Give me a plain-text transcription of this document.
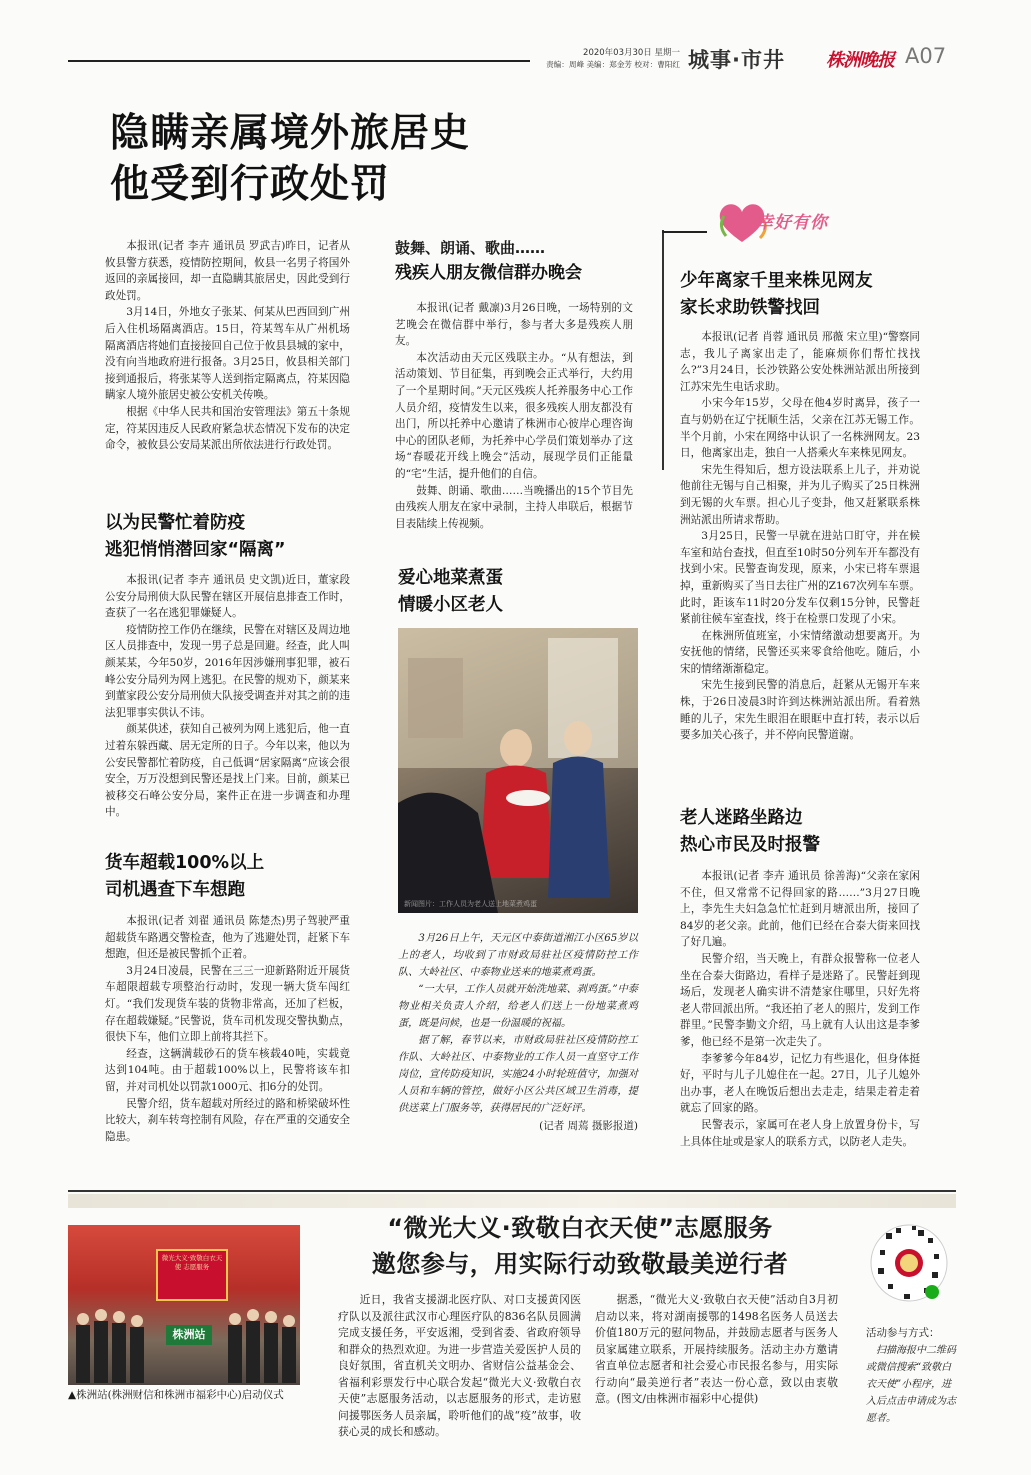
2020年03月30日 星期一
责编：周峰 美编：郑金芳 校对：曹阳红 城事·市井 株洲晚报 A07
隐瞒亲属境外旅居史
他受到行政处罚

本报讯(记者 李卉 通讯员 罗武吉)昨日，记者从攸县警方获悉，疫情防控期间，攸县一名男子将国外返回的亲属接回，却一直隐瞒其旅居史，因此受到行政处罚。

3月14日，外地女子张某、何某从巴西回到广州后入住机场隔离酒店。15日，符某驾车从广州机场隔离酒店将她们直接接回自己位于攸县县城的家中，没有向当地政府进行报备。3月25日，攸县相关部门接到通报后，将张某等人送到指定隔离点，符某因隐瞒家人境外旅居史被公安机关传唤。

根据《中华人民共和国治安管理法》第五十条规定，符某因违反人民政府紧急状态情况下发布的决定命令，被攸县公安局某派出所依法进行行政处罚。

以为民警忙着防疫
逃犯悄悄潜回家“隔离”

本报讯(记者 李卉 通讯员 史文凯)近日，董家段公安分局刑侦大队民警在辖区开展信息排查工作时，查获了一名在逃犯罪嫌疑人。

疫情防控工作仍在继续，民警在对辖区及周边地区人员排查中，发现一男子总是回避。经查，此人叫颜某某，今年50岁，2016年因涉嫌刑事犯罪，被石峰公安分局列为网上逃犯。在民警的规劝下，颜某来到董家段公安分局刑侦大队接受调查并对其之前的违法犯罪事实供认不讳。

颜某供述，获知自己被列为网上逃犯后，他一直过着东躲西藏、居无定所的日子。今年以来，他以为公安民警都忙着防疫，自己低调“居家隔离”应该会很安全，万万没想到民警还是找上门来。目前，颜某已被移交石峰公安分局，案件正在进一步调查和办理中。

货车超载100%以上
司机遇查下车想跑

本报讯(记者 刘翟 通讯员 陈楚杰)男子驾驶严重超载货车路遇交警检查，他为了逃避处罚，赶紧下车想跑，但还是被民警抓个正着。

3月24日凌晨，民警在三三一迎新路附近开展货车超限超载专项整治行动时，发现一辆大货车闯红灯。“我们发现货车装的货物非常高，还加了栏板，存在超载嫌疑。”民警说，货车司机发现交警执勤点，很快下车，他们立即上前将其拦下。

经查，这辆满载砂石的货车核载40吨，实载竟达到104吨。由于超载100%以上，民警将该车扣留，并对司机处以罚款1000元、扣6分的处罚。

民警介绍，货车超载对所经过的路和桥梁破坏性比较大，刹车转弯控制有风险，存在严重的交通安全隐患。

鼓舞、朗诵、歌曲……
残疾人朋友微信群办晚会

本报讯(记者 戴凛)3月26日晚，一场特别的文艺晚会在微信群中举行，参与者大多是残疾人朋友。

本次活动由天元区残联主办。“从有想法，到活动策划、节目征集，再到晚会正式举行，大约用了一个星期时间。”天元区残疾人托养服务中心工作人员介绍，疫情发生以来，很多残疾人朋友都没有出门，所以托养中心邀请了株洲市心彼岸心理咨询中心的团队老师，为托养中心学员们策划举办了这场“春暖花开线上晚会”活动，展现学员们正能量的“宅”生活，提升他们的自信。

鼓舞、朗诵、歌曲……当晚播出的15个节目先由残疾人朋友在家中录制，主持人串联后，根据节目表陆续上传视频。

爱心地菜煮蛋
情暖小区老人
新闻图片：工作人员为老人送上地菜煮鸡蛋

3月26日上午，天元区中泰街道湘江小区65岁以上的老人，均收到了市财政局驻社区疫情防控工作队、大岭社区、中泰物业送来的地菜煮鸡蛋。

“一大早，工作人员就开始洗地菜、剥鸡蛋。”中泰物业相关负责人介绍，给老人们送上一份地菜煮鸡蛋，既是问候，也是一份温暖的祝福。

据了解，春节以来，市财政局驻社区疫情防控工作队、大岭社区、中泰物业的工作人员一直坚守工作岗位，宣传防疫知识，实施24小时轮班值守，加强对人员和车辆的管控，做好小区公共区域卫生消毒，提供送菜上门服务等，获得居民的广泛好评。

(记者 周蔫 摄影报道)
幸好有你
少年离家千里来株见网友
家长求助铁警找回

本报讯(记者 肖蓉 通讯员 邢薇 宋立里)“警察同志，我儿子离家出走了，能麻烦你们帮忙找找么?”3月24日，长沙铁路公安处株洲站派出所接到江苏宋先生电话求助。

小宋今年15岁，父母在他4岁时离异，孩子一直与奶奶在辽宁抚顺生活，父亲在江苏无锡工作。半个月前，小宋在网络中认识了一名株洲网友。23日，他离家出走，独自一人搭乘火车来株见网友。

宋先生得知后，想方设法联系上儿子，并劝说他前往无锡与自己相聚，并为儿子购买了25日株洲到无锡的火车票。担心儿子变卦，他又赶紧联系株洲站派出所请求帮助。

3月25日，民警一早就在进站口盯守，并在候车室和站台查找，但直至10时50分列车开车都没有找到小宋。民警查询发现，原来，小宋已将车票退掉，重新购买了当日去往广州的Z167次列车车票。此时，距该车11时20分发车仅剩15分钟，民警赶紧前往候车室查找，终于在检票口发现了小宋。

在株洲所值班室，小宋情绪激动想要离开。为安抚他的情绪，民警还买来零食给他吃。随后，小宋的情绪渐渐稳定。

宋先生接到民警的消息后，赶紧从无锡开车来株，于26日凌晨3时许到达株洲站派出所。看着熟睡的儿子，宋先生眼泪在眼眶中直打转，表示以后要多加关心孩子，并不停向民警道谢。

老人迷路坐路边
热心市民及时报警

本报讯(记者 李卉 通讯员 徐善海)“父亲在家闲不住，但又常常不记得回家的路……”3月27日晚上，李先生夫妇急急忙忙赶到月塘派出所，接回了84岁的老父亲。此前，他们已经在合泰大街来回找了好几遍。

民警介绍，当天晚上，有群众报警称一位老人坐在合泰大街路边，看样子是迷路了。民警赶到现场后，发现老人确实讲不清楚家住哪里，只好先将老人带回派出所。“我还拍了老人的照片，发到工作群里。”民警李勤文介绍，马上就有人认出这是李爹爹，他已经不是第一次走失了。

李爹爹今年84岁，记忆力有些退化，但身体挺好，平时与儿子儿媳住在一起。27日，儿子儿媳外出办事，老人在晚饭后想出去走走，结果走着走着就忘了回家的路。

民警表示，家属可在老人身上放置身份卡，写上具体住址或是家人的联系方式，以防老人走失。

微光大义·致敬白衣天使 志愿服务
株洲站
▲株洲站(株洲财信和株洲市福彩中心)启动仪式
“微光大义·致敬白衣天使”志愿服务
邀您参与，用实际行动致敬最美逆行者

近日，我省支援湖北医疗队、对口支援黄冈医疗队以及派往武汉市心理医疗队的836名队员圆满完成支援任务，平安返湘，受到省委、省政府领导和群众的热烈欢迎。为进一步营造关爱医护人员的良好氛围，省直机关文明办、省财信公益基金会、省福利彩票发行中心联合发起“微光大义·致敬白衣天使”志愿服务活动，以志愿服务的形式，走访慰问援鄂医务人员亲属，聆听他们的战“疫”故事，收获心灵的成长和感动。

据悉，“微光大义·致敬白衣天使”活动自3月初启动以来，将对湖南援鄂的1498名医务人员送去价值180万元的慰问物品，并鼓励志愿者与医务人员家属建立联系，开展持续服务。活动主办方邀请省直单位志愿者和社会爱心市民报名参与，用实际行动向“最美逆行者”表达一份心意，致以由衷敬意。(图文/由株洲市福彩中心提供)

活动参与方式：
扫描海报中二维码或微信搜索“致敬白衣天使”小程序，进入后点击申请成为志愿者。
